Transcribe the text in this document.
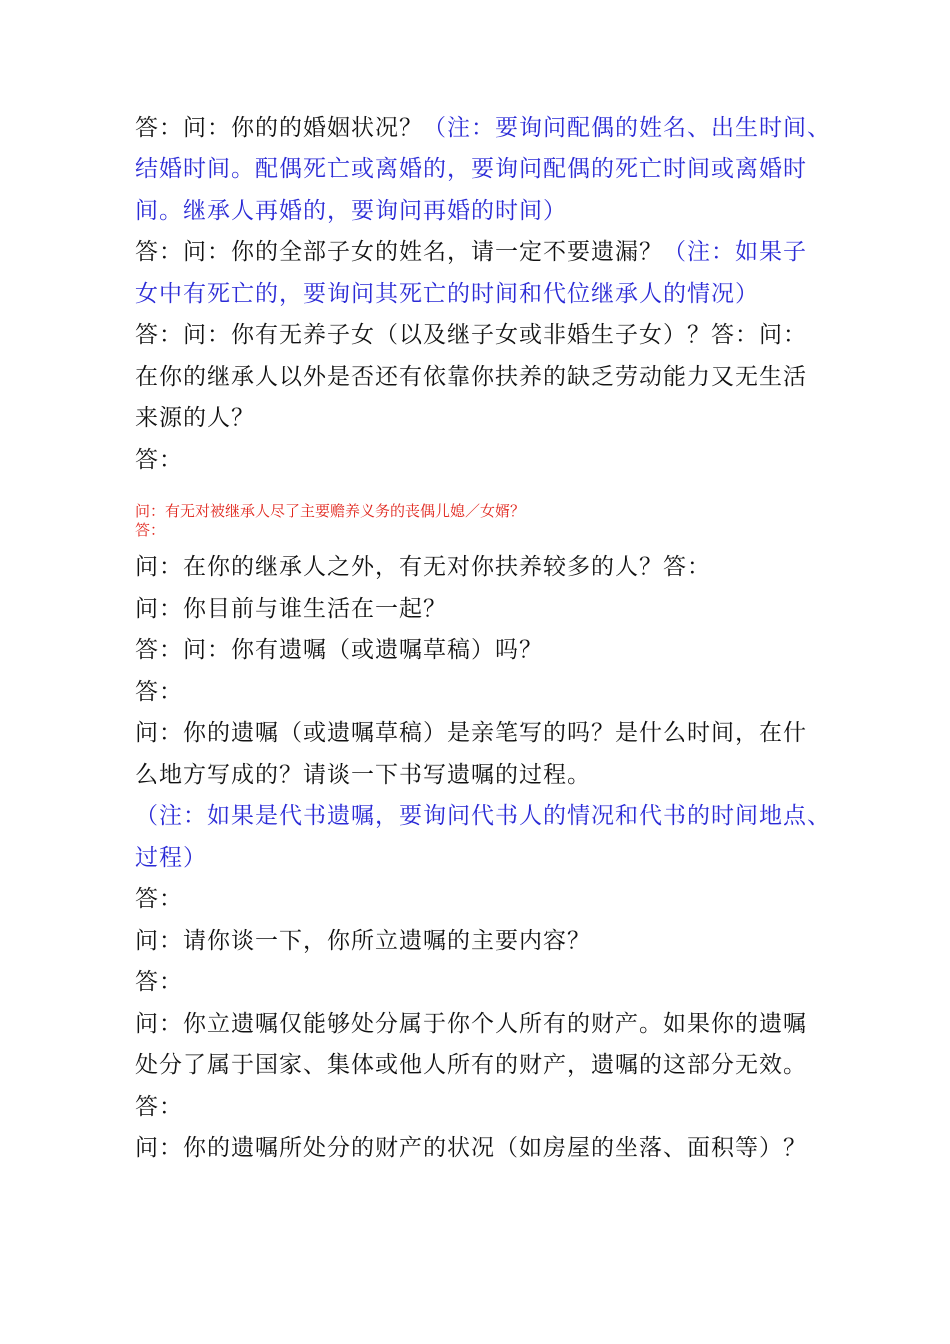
答：问：你的的婚姻状况？（注：要询问配偶的姓名、出生时间、
结婚时间。配偶死亡或离婚的，要询问配偶的死亡时间或离婚时
间。继承人再婚的，要询问再婚的时间）
答：问：你的全部子女的姓名，请一定不要遗漏？（注：如果子
女中有死亡的，要询问其死亡的时间和代位继承人的情况）
答：问：你有无养子女（以及继子女或非婚生子女）？答：问：
在你的继承人以外是否还有依靠你扶养的缺乏劳动能力又无生活
来源的人？
答：
问：有无对被继承人尽了主要赡养义务的丧偶儿媳／女婿？
答：
问：在你的继承人之外，有无对你扶养较多的人？答：
问：你目前与谁生活在一起？
答：问：你有遗嘱（或遗嘱草稿）吗？
答：
问：你的遗嘱（或遗嘱草稿）是亲笔写的吗？是什么时间，在什
么地方写成的？请谈一下书写遗嘱的过程。
（注：如果是代书遗嘱，要询问代书人的情况和代书的时间地点、
过程）
答：
问：请你谈一下，你所立遗嘱的主要内容？
答：
问：你立遗嘱仅能够处分属于你个人所有的财产。如果你的遗嘱
处分了属于国家、集体或他人所有的财产，遗嘱的这部分无效。
答：
问：你的遗嘱所处分的财产的状况（如房屋的坐落、面积等）？
